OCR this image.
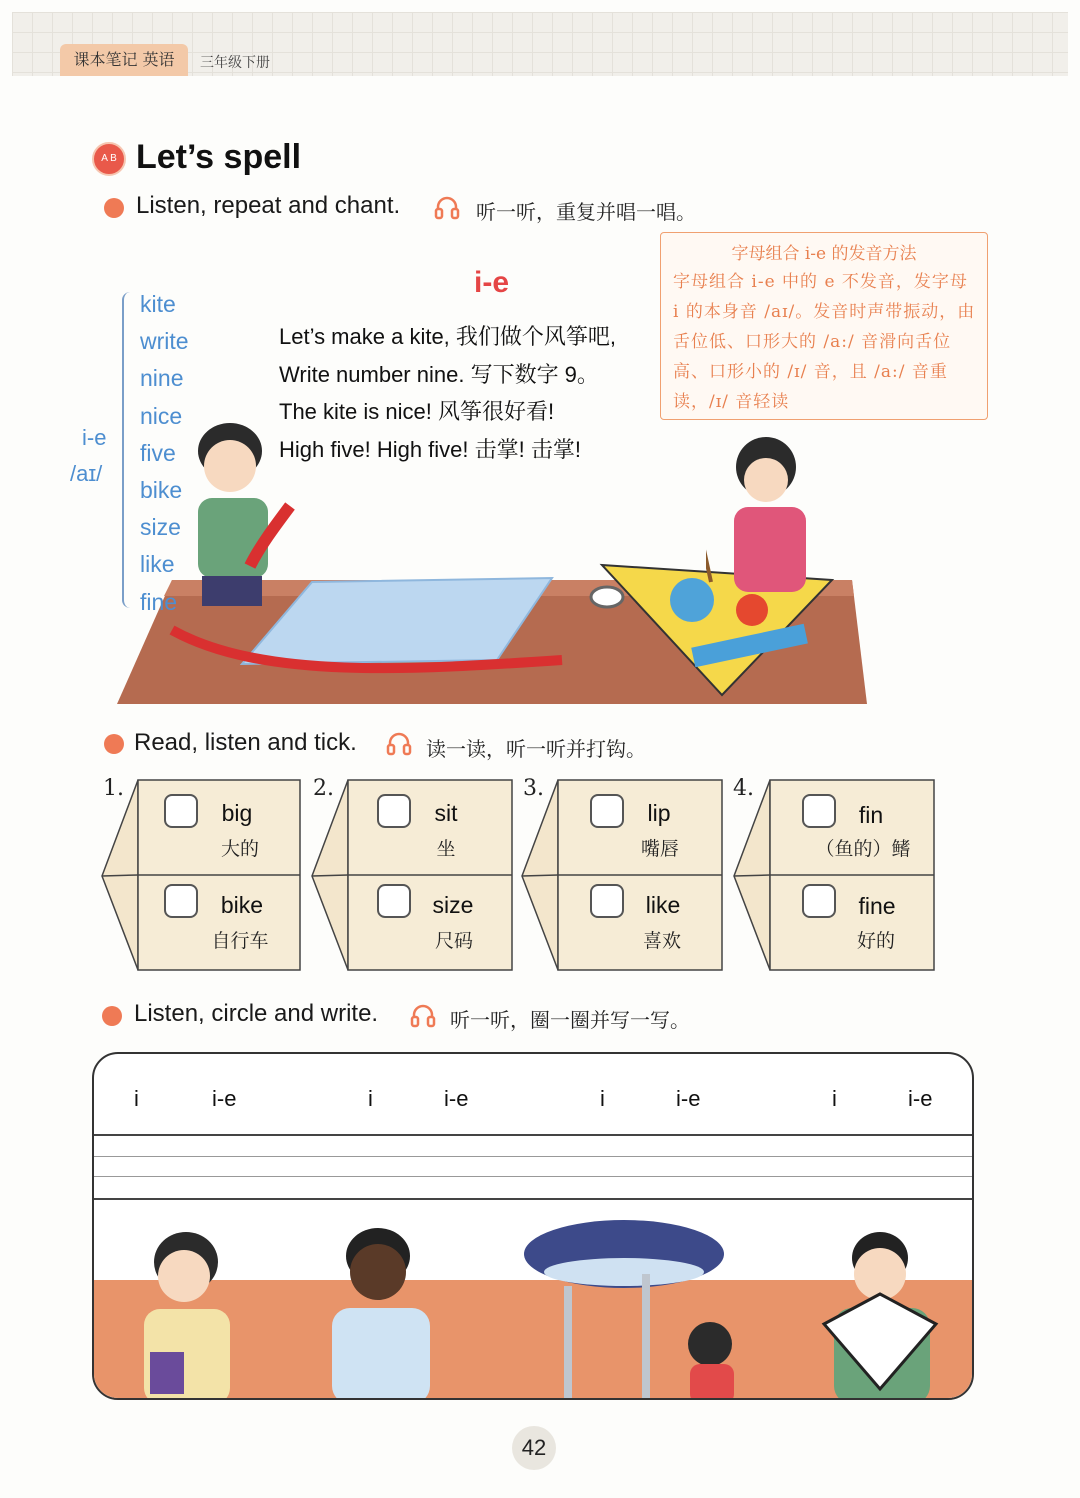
课本笔记 英语	三年级下册
A B Let’s spell
Listen, repeat and chant.	听一听，重复并唱一唱。
字母组合 i-e 的发音方法
字母组合 i-e 中的 e 不发音，发字母 i 的本身音 /aɪ/。发音时声带振动，由舌位低、口形大的 /a:/ 音滑向舌位高、口形小的 /ɪ/ 音，且 /a:/ 音重读，/ɪ/ 音轻读
i-e
/aɪ/
kite
write
nine
nice
five
bike
size
like
fine
i-e
Let’s make a kite, 我们做个风筝吧,
Write number nine. 写下数字 9。
The kite is nice! 风筝很好看!
High five! High five! 击掌! 击掌!
Read, listen and tick.	读一读，听一听并打钩。
1.
big
大的
bike
自行车
2.
sit
坐
size
尺码
3.
lip
嘴唇
like
喜欢
4.
fin
（鱼的）鳍
fine
好的
Listen, circle and write.	听一听，圈一圈并写一写。
i	i-e	i	i-e	i	i-e	i	i-e
42
